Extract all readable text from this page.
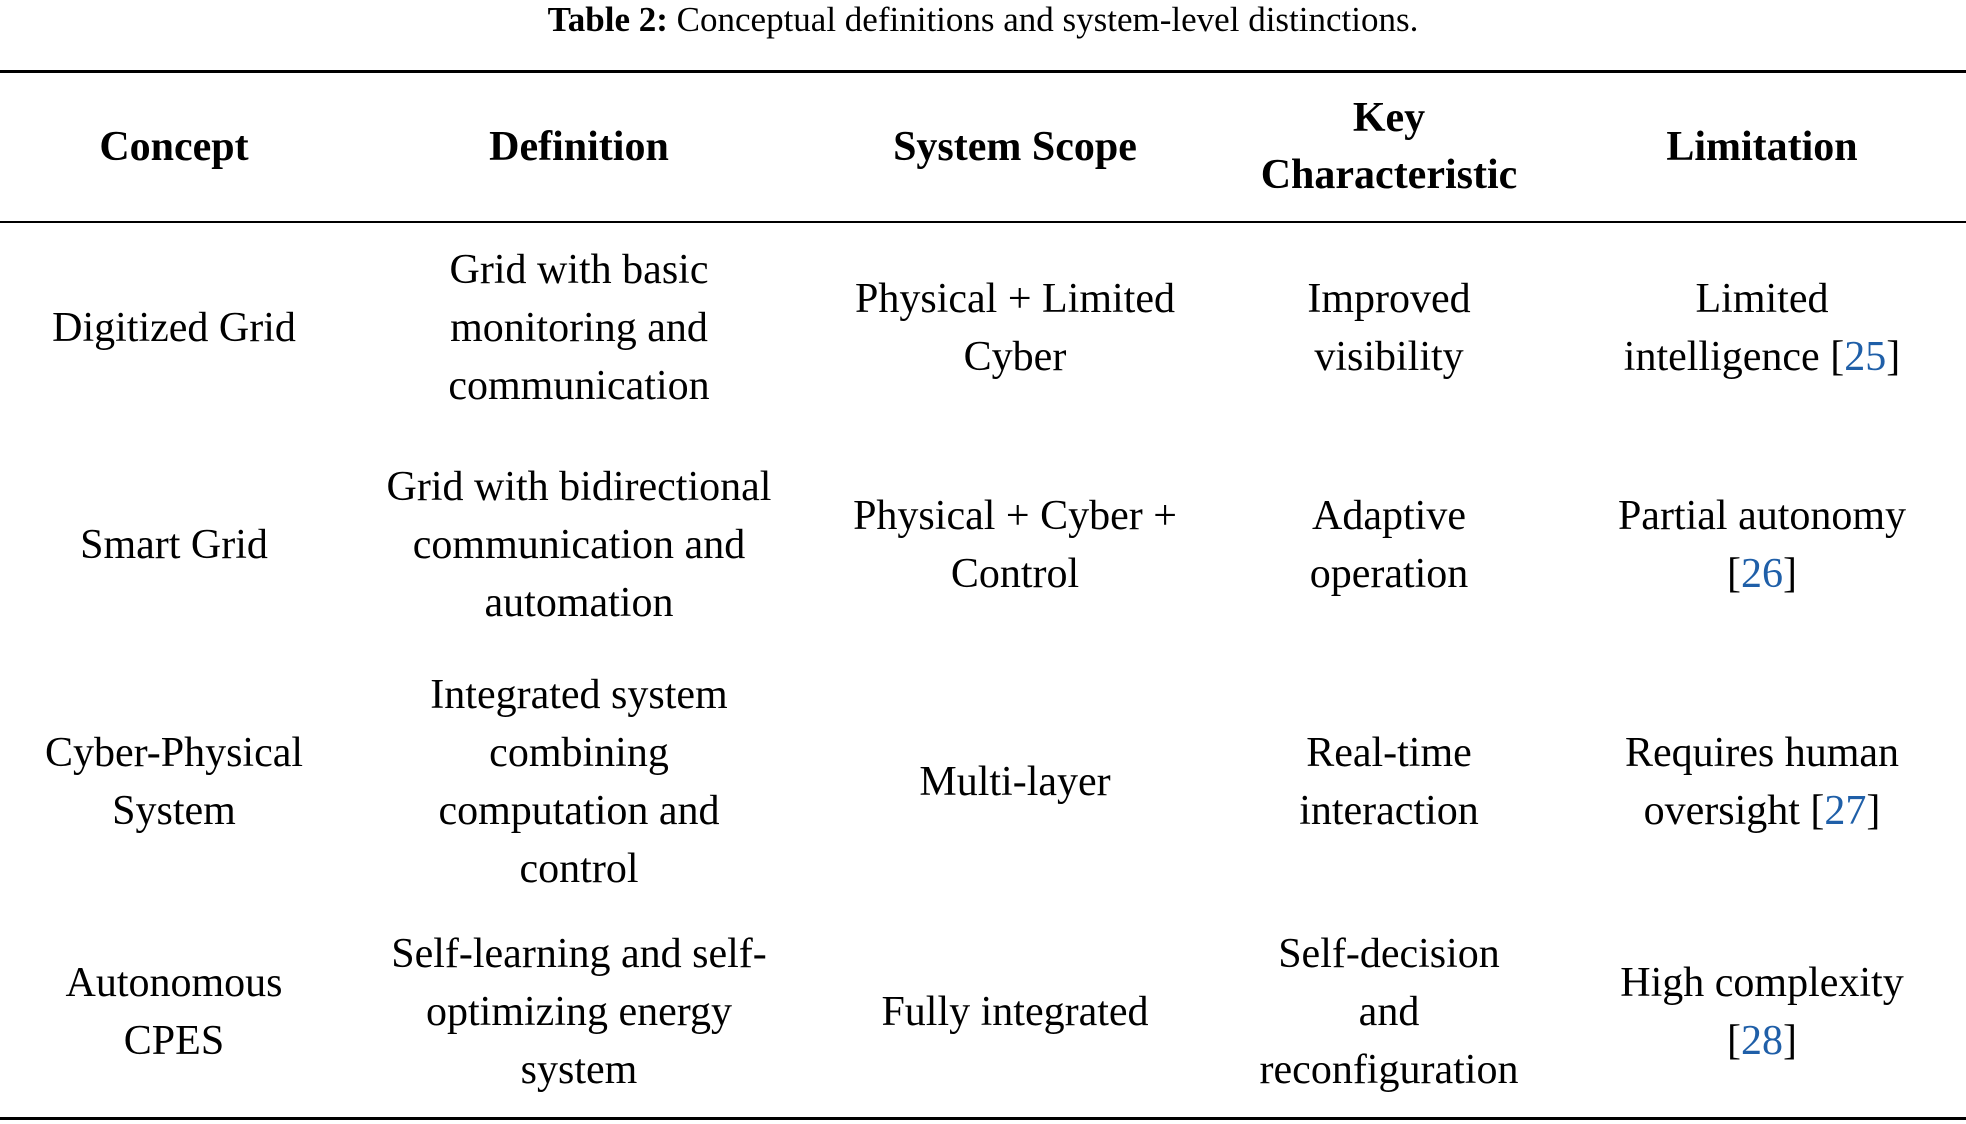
Table 2: Conceptual definitions and system-level distinctions.
Concept	Definition	System Scope
Key Characteristic
Limitation
Digitized Grid
Grid with basic monitoring and communication
Physical + Limited Cyber
Improved visibility
Limited intelligence [25]
Smart Grid
Grid with bidirectional communication and automation
Physical + Cyber + Control
Adaptive operation
Partial autonomy [26]
Cyber-Physical System
Integrated system combining computation and control
Multi-layer
Real-time interaction
Requires human oversight [27]
Autonomous CPES
Self-learning and self-optimizing energy system
Fully integrated
Self-decision and reconfiguration
High complexity [28]
